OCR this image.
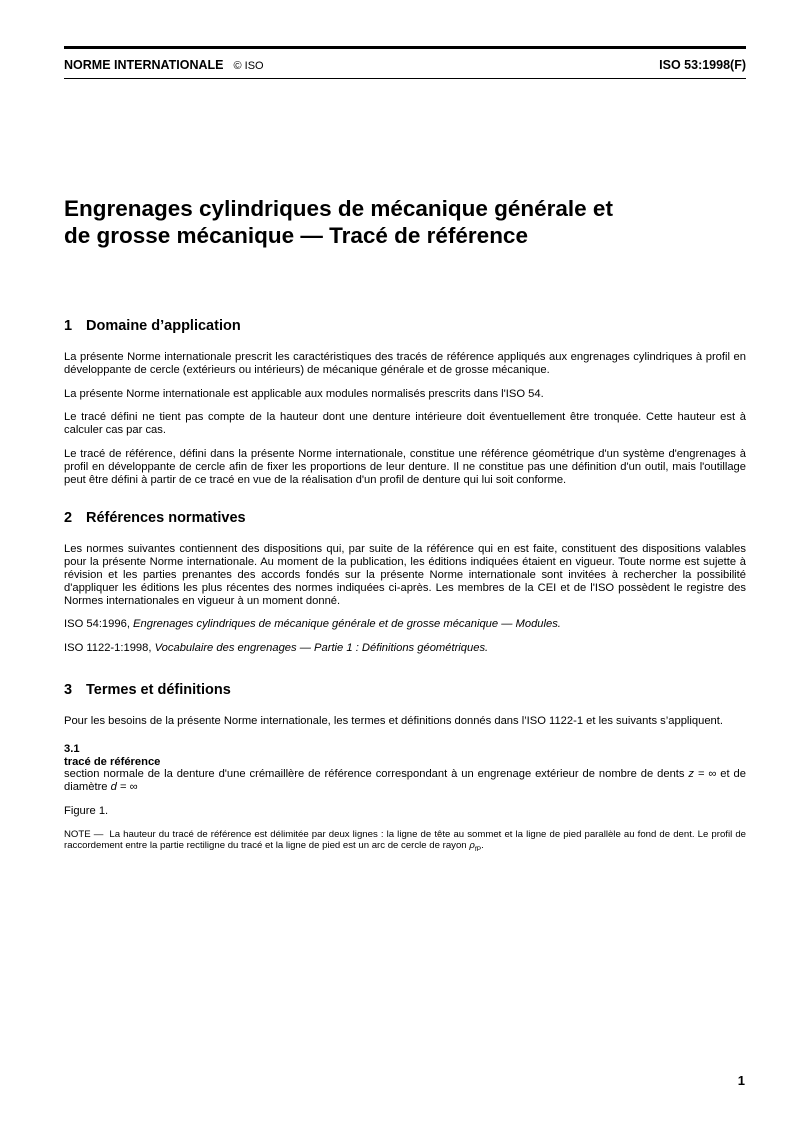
NORME INTERNATIONALE © ISO	ISO 53:1998(F)
Engrenages cylindriques de mécanique générale et
de grosse mécanique — Tracé de référence
1 Domaine d’application

La présente Norme internationale prescrit les caractéristiques des tracés de référence appliqués aux engrenages cylindriques à profil en développante de cercle (extérieurs ou intérieurs) de mécanique générale et de grosse mécanique.

La présente Norme internationale est applicable aux modules normalisés prescrits dans l'ISO 54.

Le tracé défini ne tient pas compte de la hauteur dont une denture intérieure doit éventuellement être tronquée. Cette hauteur est à calculer cas par cas.

Le tracé de référence, défini dans la présente Norme internationale, constitue une référence géométrique d'un système d'engrenages à profil en développante de cercle afin de fixer les proportions de leur denture. Il ne constitue pas une définition d'un outil, mais l'outillage peut être défini à partir de ce tracé en vue de la réalisation d'un profil de denture qui lui soit conforme.

2 Références normatives

Les normes suivantes contiennent des dispositions qui, par suite de la référence qui en est faite, constituent des dispositions valables pour la présente Norme internationale. Au moment de la publication, les éditions indiquées étaient en vigueur. Toute norme est sujette à révision et les parties prenantes des accords fondés sur la présente Norme internationale sont invitées à rechercher la possibilité d'appliquer les éditions les plus récentes des normes indiquées ci-après. Les membres de la CEI et de l'ISO possèdent le registre des Normes internationales en vigueur à un moment donné.

ISO 54:1996, Engrenages cylindriques de mécanique générale et de grosse mécanique — Modules.

ISO 1122-1:1998, Vocabulaire des engrenages — Partie 1 : Définitions géométriques.

3 Termes et définitions

Pour les besoins de la présente Norme internationale, les termes et définitions donnés dans l’ISO 1122-1 et les suivants s’appliquent.

3.1
tracé de référence

section normale de la denture d'une crémaillère de référence correspondant à un engrenage extérieur de nombre de dents z = ∞ et de diamètre d = ∞

Figure 1.

NOTE — La hauteur du tracé de référence est délimitée par deux lignes : la ligne de tête au sommet et la ligne de pied parallèle au fond de dent. Le profil de raccordement entre la partie rectiligne du tracé et la ligne de pied est un arc de cercle de rayon $\rho_{fP}$.
1
